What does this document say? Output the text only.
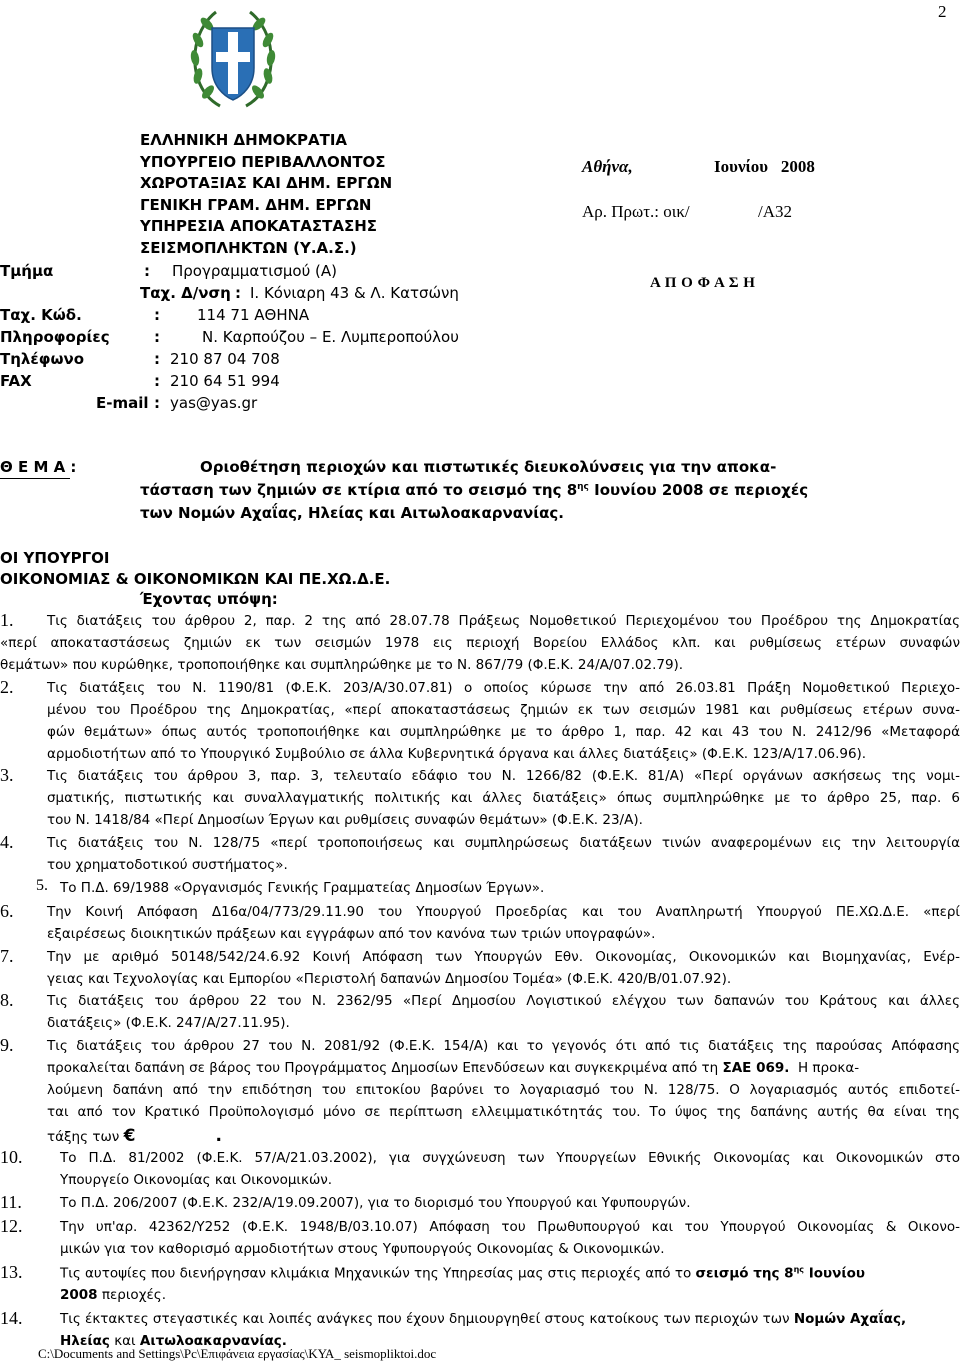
2
ΕΛΛΗΝΙΚΗ ΔΗΜΟΚΡΑΤΙΑ
ΥΠΟΥΡΓΕΙΟ ΠΕΡΙΒΑΛΛΟΝΤΟΣ
ΧΩΡΟΤΑΞΙΑΣ ΚΑΙ ΔΗΜ. ΕΡΓΩΝ
ΓΕΝΙΚΗ ΓΡΑΜ. ΔΗΜ. ΕΡΓΩΝ
ΥΠΗΡΕΣΙΑ ΑΠΟΚΑΤΑΣΤΑΣΗΣ
ΣΕΙΣΜΟΠΛΗΚΤΩΝ (Υ.Α.Σ.)
Τμήμα	: Προγραμματισμού (Α)
Ταχ. Δ/νση : Ι. Κόνιαρη 43 & Λ. Κατσώνη
Ταχ. Κώδ.	: 114 71 ΑΘΗΝΑ
Πληροφορίες	:	Ν. Καρπούζου – Ε. Λυμπεροπούλου
Τηλέφωνο	: 210 87 04 708
FAX	: 210 64 51 994
E-mail : yas@yas.gr
Αθήνα,	Ιουνίου   2008
Αρ. Πρωτ.: οικ/	/Α32
Α Π Ο Φ Α Σ Η
Θ Ε Μ Α :	Οριοθέτηση περιοχών και πιστωτικές διευκολύνσεις για την αποκα-
τάσταση των ζημιών σε κτίρια από το σεισμό της $8^{\eta\varsigma}$ Ιουνίου 2008 σε περιοχές
των Νομών Αχαΐας, Ηλείας και Αιτωλοακαρνανίας.
ΟΙ ΥΠΟΥΡΓΟΙ
ΟΙΚΟΝΟΜΙΑΣ & ΟΙΚΟΝΟΜΙΚΩΝ ΚΑΙ ΠΕ.ΧΩ.Δ.Ε.
Έχοντας υπόψη:
1. Τις διατάξεις του άρθρου 2, παρ. 2 της από 28.07.78 Πράξεως Νομοθετικού Περιεχομένου του Προέδρου της Δημοκρατίας
«περί αποκαταστάσεως ζημιών εκ των σεισμών 1978 εις περιοχή Βορείου Ελλάδος κλπ. και ρυθμίσεως ετέρων συναφών
θεμάτων» που κυρώθηκε, τροποποιήθηκε και συμπληρώθηκε με το Ν. 867/79 (Φ.Ε.Κ. 24/Α/07.02.79).
2. Τις διατάξεις του Ν. 1190/81 (Φ.Ε.Κ. 203/Α/30.07.81) ο οποίος κύρωσε την από 26.03.81 Πράξη Νομοθετικού Περιεχο-
μένου του Προέδρου της Δημοκρατίας, «περί αποκαταστάσεως ζημιών εκ των σεισμών 1981 και ρυθμίσεως ετέρων συνα-
φών θεμάτων» όπως αυτός τροποποιήθηκε και συμπληρώθηκε με το άρθρο 1, παρ. 42 και 43 του Ν. 2412/96 «Μεταφορά
αρμοδιοτήτων από το Υπουργικό Συμβούλιο σε άλλα Κυβερνητικά όργανα και άλλες διατάξεις» (Φ.Ε.Κ. 123/Α/17.06.96).
3. Τις διατάξεις του άρθρου 3, παρ. 3, τελευταίο εδάφιο του Ν. 1266/82 (Φ.Ε.Κ. 81/Α) «Περί οργάνων ασκήσεως της νομι-
σματικής, πιστωτικής και συναλλαγματικής πολιτικής και άλλες διατάξεις» όπως συμπληρώθηκε με το άρθρο 25, παρ. 6
του Ν. 1418/84 «Περί Δημοσίων Έργων και ρυθμίσεις συναφών θεμάτων» (Φ.Ε.Κ. 23/Α).
4. Τις διατάξεις του Ν. 128/75 «περί τροποποιήσεως και συμπληρώσεως διατάξεων τινών αναφερομένων εις την λειτουργία
του χρηματοδοτικού συστήματος».
5. Το Π.Δ. 69/1988 «Οργανισμός Γενικής Γραμματείας Δημοσίων Έργων».
6. Την Κοινή Απόφαση Δ16α/04/773/29.11.90 του Υπουργού Προεδρίας και του Αναπληρωτή Υπουργού ΠΕ.ΧΩ.Δ.Ε. «περί
εξαιρέσεως διοικητικών πράξεων και εγγράφων από τον κανόνα των τριών υπογραφών».
7. Την με αριθμό 50148/542/24.6.92 Κοινή Απόφαση των Υπουργών Εθν. Οικονομίας, Οικονομικών και Βιομηχανίας, Ενέρ-
γειας και Τεχνολογίας και Εμπορίου «Περιστολή δαπανών Δημοσίου Τομέα» (Φ.Ε.Κ. 420/Β/01.07.92).
8. Τις διατάξεις του άρθρου 22 του Ν. 2362/95 «Περί Δημοσίου Λογιστικού ελέγχου των δαπανών του Κράτους και άλλες
διατάξεις» (Φ.Ε.Κ. 247/Α/27.11.95).
9. Τις διατάξεις του άρθρου 27 του Ν. 2081/92 (Φ.Ε.Κ. 154/Α) και το γεγονός ότι από τις διατάξεις της παρούσας Απόφασης
προκαλείται δαπάνη σε βάρος του Προγράμματος Δημοσίων Επενδύσεων και συγκεκριμένα από τη ΣΑΕ 069.  Η προκα-
λούμενη δαπάνη από την επιδότηση του επιτοκίου βαρύνει το λογαριασμό του Ν. 128/75. Ο λογαριασμός αυτός επιδοτεί-
ται από τον Κρατικό Προϋπολογισμό μόνο σε περίπτωση ελλειμματικότητάς του. Το ύψος της δαπάνης αυτής θα είναι της
τάξης των €	.
10.	Το Π.Δ. 81/2002 (Φ.Ε.Κ. 57/Α/21.03.2002), για συγχώνευση των Υπουργείων Εθνικής Οικονομίας και Οικονομικών στο
Υπουργείο Οικονομίας και Οικονομικών.
11.	Το Π.Δ. 206/2007 (Φ.Ε.Κ. 232/Α/19.09.2007), για το διορισμό του Υπουργού και Υφυπουργών.
12.	Την υπ'αρ. 42362/Υ252 (Φ.Ε.Κ. 1948/Β/03.10.07) Απόφαση του Πρωθυπουργού και του Υπουργού Οικονομίας & Οικονο-
μικών για τον καθορισμό αρμοδιοτήτων στους Υφυπουργούς Οικονομίας & Οικονομικών.
13.	Τις αυτοψίες που διενήργησαν κλιμάκια Μηχανικών της Υπηρεσίας μας στις περιοχές από το σεισμό της $8^{\eta\varsigma}$ Ιουνίου
2008 περιοχές.
14.	Τις έκτακτες στεγαστικές και λοιπές ανάγκες που έχουν δημιουργηθεί στους κατοίκους των περιοχών των Νομών Αχαΐας,
Ηλείας και Αιτωλοακαρνανίας.
C:\Documents and Settings\Pc\Επιφάνεια εργασίας\ΚΥΑ_ seismopliktoi.doc
